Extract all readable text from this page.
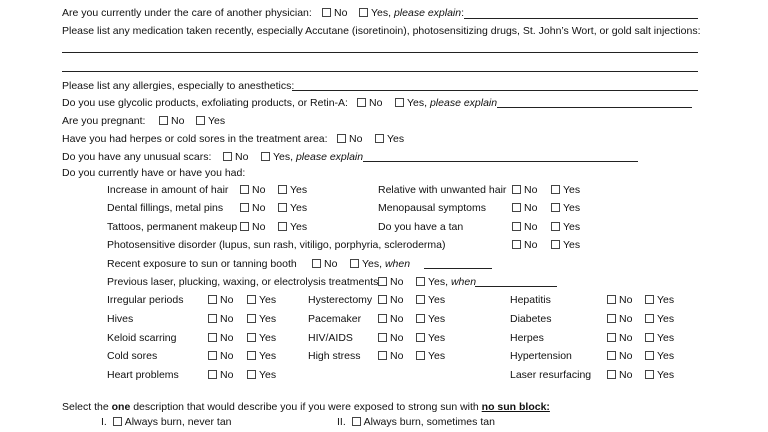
Are you currently under the care of another physician:	No	Yes, please explain:
Please list any medication taken recently, especially Accutane (isoretinoin), photosensitizing drugs, St. John’s Wort, or gold salt injections:
Please list any allergies, especially to anesthetics:
Do you use glycolic products, exfoliating products, or Retin-A:	No	Yes, please explain
Are you pregnant:	No	Yes
Have you had herpes or cold sores in the treatment area:	No	Yes
Do you have any unusual scars:	No	Yes, please explain
Do you currently have or have you had:
Increase in amount of hair	No	Yes	Relative with unwanted hair	No	Yes
Dental fillings, metal pins	No	Yes	Menopausal symptoms	No	Yes
Tattoos, permanent makeup	No	Yes	Do you have a tan	No	Yes
Photosensitive disorder (lupus, sun rash, vitiligo, porphyria, scleroderma)	No	Yes
Recent exposure to sun or tanning booth	No	Yes, when
Previous laser, plucking, waxing, or electrolysis treatments	No	Yes, when
Irregular periods	No	Yes	Hysterectomy	No	Yes	Hepatitis	No	Yes
Hives	No	Yes	Pacemaker	No	Yes	Diabetes	No	Yes
Keloid scarring	No	Yes	HIV/AIDS	No	Yes	Herpes	No	Yes
Cold sores	No	Yes	High stress	No	Yes	Hypertension	No	Yes
Heart problems	No	Yes	Laser resurfacing	No	Yes
Select the one description that would describe you if you were exposed to strong sun with no sun block:
I. Always burn, never tan	II. Always burn, sometimes tan
